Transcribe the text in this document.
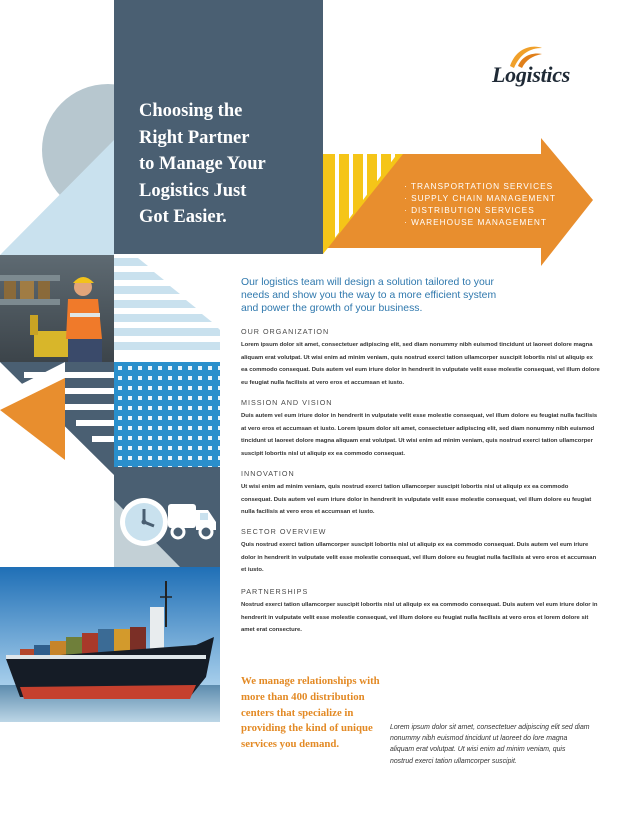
Choosing the
Right Partner
to Manage Your
Logistics Just
Got Easier.
· TRANSPORTATION SERVICES
· SUPPLY CHAIN MANAGEMENT
· DISTRIBUTION SERVICES
· WAREHOUSE MANAGEMENT
Logistics
Our logistics team will design a solution tailored to your needs and show you the way to a more efficient system and power the growth of your business.
OUR ORGANIZATION
Lorem ipsum dolor sit amet, consectetuer adipiscing elit, sed diam nonummy nibh euismod tincidunt ut laoreet dolore magna aliquam erat volutpat. Ut wisi enim ad minim veniam, quis nostrud exerci tation ullamcorper suscipit lobortis nisl ut aliquip ex ea commodo consequat. Duis autem vel eum iriure dolor in hendrerit in vulputate velit esse molestie consequat, vel illum dolore eu feugiat nulla facilisis at vero eros et accumsan et iusto.
MISSION AND VISION
Duis autem vel eum iriure dolor in hendrerit in vulputate velit esse molestie consequat, vel illum dolore eu feugiat nulla facilisis at vero eros et accumsan et iusto. Lorem ipsum dolor sit amet, consectetuer adipiscing elit, sed diam nonummy nibh euismod tincidunt ut laoreet dolore magna aliquam erat volutpat. Ut wisi enim ad minim veniam, quis nostrud exerci tation ullamcorper suscipit lobortis nisl ut aliquip ex ea commodo consequat.
INNOVATION
Ut wisi enim ad minim veniam, quis nostrud exerci tation ullamcorper suscipit lobortis nisl ut aliquip ex ea commodo consequat. Duis autem vel eum iriure dolor in hendrerit in vulputate velit esse molestie consequat, vel illum dolore eu feugiat nulla facilisis at vero eros et accumsan et iusto.
SECTOR OVERVIEW
Quis nostrud exerci tation ullamcorper suscipit lobortis nisl ut aliquip ex ea commodo consequat. Duis autem vel eum iriure dolor in hendrerit in vulputate velit esse molestie consequat, vel illum dolore eu feugiat nulla facilisis at vero eros et accumsan et iusto.
PARTNERSHIPS
Nostrud exerci tation ullamcorper suscipit lobortis nisl ut aliquip ex ea commodo consequat. Duis autem vel eum iriure dolor in hendrerit in vulputate velit esse molestie consequat, vel illum dolore eu feugiat nulla facilisis at vero eros et lorem dolore sit amet erat consecture.
We manage relationships with more than 400 distribution centers that specialize in providing the kind of unique services you demand.
Lorem ipsum dolor sit amet, consectetuer adipiscing elit sed diam nonummy nibh euismod tincidunt ut laoreet do lore magna aliquam erat volutpat. Ut wisi enim ad minim veniam, quis nostrud exerci tation ullamcorper suscipit.
